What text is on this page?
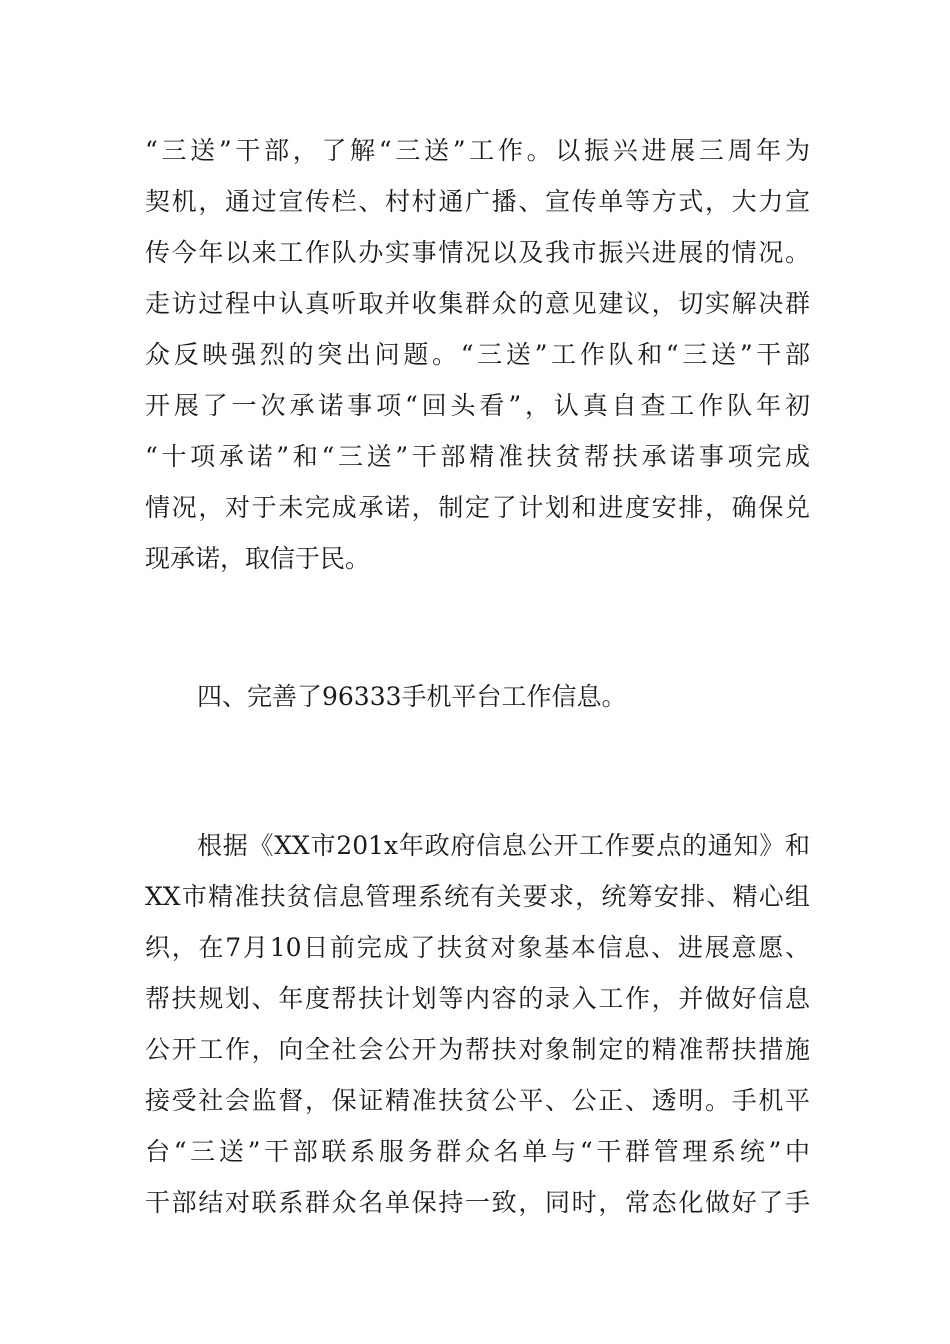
“三送”干部，了解“三送”工作。以振兴进展三周年为

契机，通过宣传栏、村村通广播、宣传单等方式，大力宣

传今年以来工作队办实事情况以及我市振兴进展的情况。

走访过程中认真听取并收集群众的意见建议，切实解决群

众反映强烈的突出问题。“三送”工作队和“三送”干部

开展了一次承诺事项“回头看”，认真自查工作队年初

“十项承诺”和“三送”干部精准扶贫帮扶承诺事项完成

情况，对于未完成承诺，制定了计划和进度安排，确保兑

现承诺，取信于民。

四、完善了96333手机平台工作信息。

根据《XX市201x年政府信息公开工作要点的通知》和

XX市精准扶贫信息管理系统有关要求，统筹安排、精心组

织，在7月10日前完成了扶贫对象基本信息、进展意愿、

帮扶规划、年度帮扶计划等内容的录入工作，并做好信息

公开工作，向全社会公开为帮扶对象制定的精准帮扶措施

接受社会监督，保证精准扶贫公平、公正、透明。手机平

台“三送”干部联系服务群众名单与“干群管理系统”中

干部结对联系群众名单保持一致，同时，常态化做好了手
